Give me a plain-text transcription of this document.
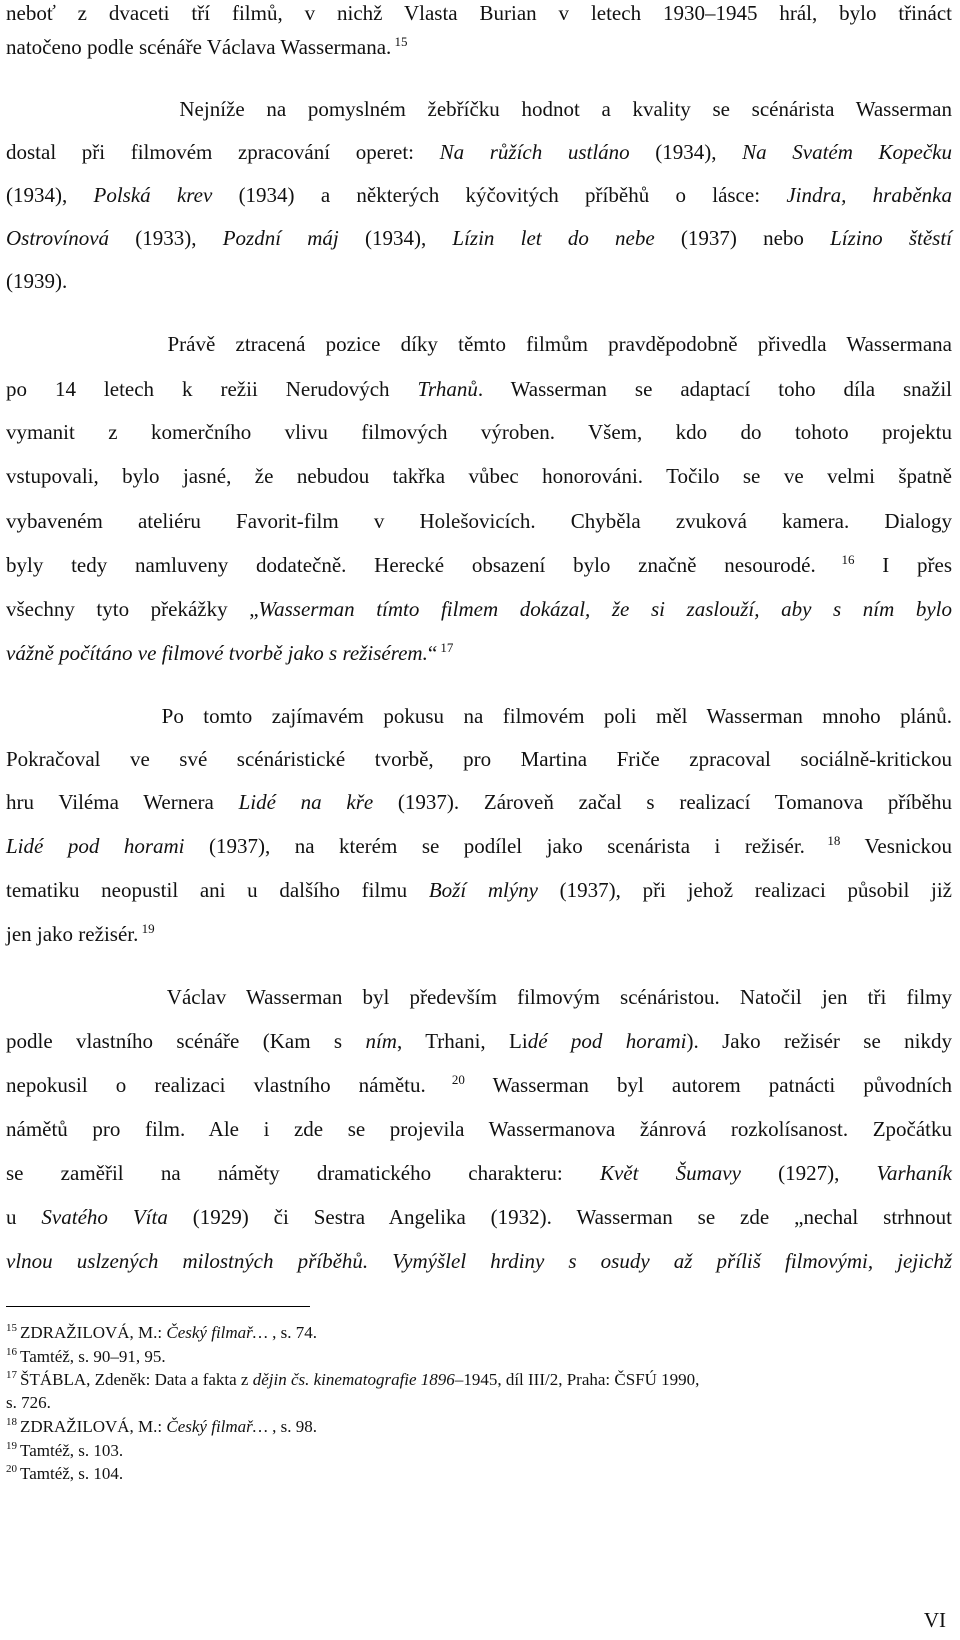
neboť z dvaceti tří filmů, v nichž Vlasta Burian v letech 1930–1945 hrál, bylo třináct
natočeno podle scénáře Václava Wassermana. $^{15}$
Nejníže na pomyslném žebříčku hodnot a kvality se scénárista Wasserman
dostal při filmovém zpracování operet: Na růžích ustláno (1934), Na Svatém Kopečku
(1934), Polská krev (1934) a některých kýčovitých příběhů o lásce: Jindra, hraběnka
Ostrovínová (1933), Pozdní máj (1934), Lízin let do nebe (1937) nebo Lízino štěstí
(1939).
Právě ztracená pozice díky těmto filmům pravděpodobně přivedla Wassermana
po 14 letech k režii Nerudových Trhanů. Wasserman se adaptací toho díla snažil
vymanit z komerčního vlivu filmových výroben. Všem, kdo do tohoto projektu
vstupovali, bylo jasné, že nebudou takřka vůbec honorováni. Točilo se ve velmi špatně
vybaveném ateliéru Favorit-film v Holešovicích. Chyběla zvuková kamera. Dialogy
byly tedy namluveny dodatečně. Herecké obsazení bylo značně nesourodé. $^{16}$ I přes
všechny tyto překážky „Wasserman tímto filmem dokázal, že si zaslouží, aby s ním bylo
vážně počítáno ve filmové tvorbě jako s režisérem.“ $^{17}$
Po tomto zajímavém pokusu na filmovém poli měl Wasserman mnoho plánů.
Pokračoval ve své scénáristické tvorbě, pro Martina Friče zpracoval sociálně-kritickou
hru Viléma Wernera Lidé na kře (1937). Zároveň začal s realizací Tomanova příběhu
Lidé pod horami (1937), na kterém se podílel jako scenárista i režisér. $^{18}$ Vesnickou
tematiku neopustil ani u dalšího filmu Boží mlýny (1937), při jehož realizaci působil již
jen jako režisér. $^{19}$
Václav Wasserman byl především filmovým scénáristou. Natočil jen tři filmy
podle vlastního scénáře (Kam s ním, Trhani, Lidé pod horami). Jako režisér se nikdy
nepokusil o realizaci vlastního námětu. $^{20}$ Wasserman byl autorem patnácti původních
námětů pro film. Ale i zde se projevila Wassermanova žánrová rozkolísanost. Zpočátku
se zaměřil na náměty dramatického charakteru: Květ Šumavy (1927), Varhaník
u Svatého Víta (1929) či Sestra Angelika (1932). Wasserman se zde „nechal strhnout
vlnou uslzených milostných příběhů. Vymýšlel hrdiny s osudy až příliš filmovými, jejichž
$^{15}$ ZDRAŽILOVÁ, M.: Český filmař… , s. 74.
$^{16}$ Tamtéž, s. 90–91, 95.
$^{17}$ ŠTÁBLA, Zdeněk: Data a fakta z dějin čs. kinematografie 1896–1945, díl III/2, Praha: ČSFÚ 1990,
s. 726.
$^{18}$ ZDRAŽILOVÁ, M.: Český filmař… , s. 98.
$^{19}$ Tamtéž, s. 103.
$^{20}$ Tamtéž, s. 104.
VI
